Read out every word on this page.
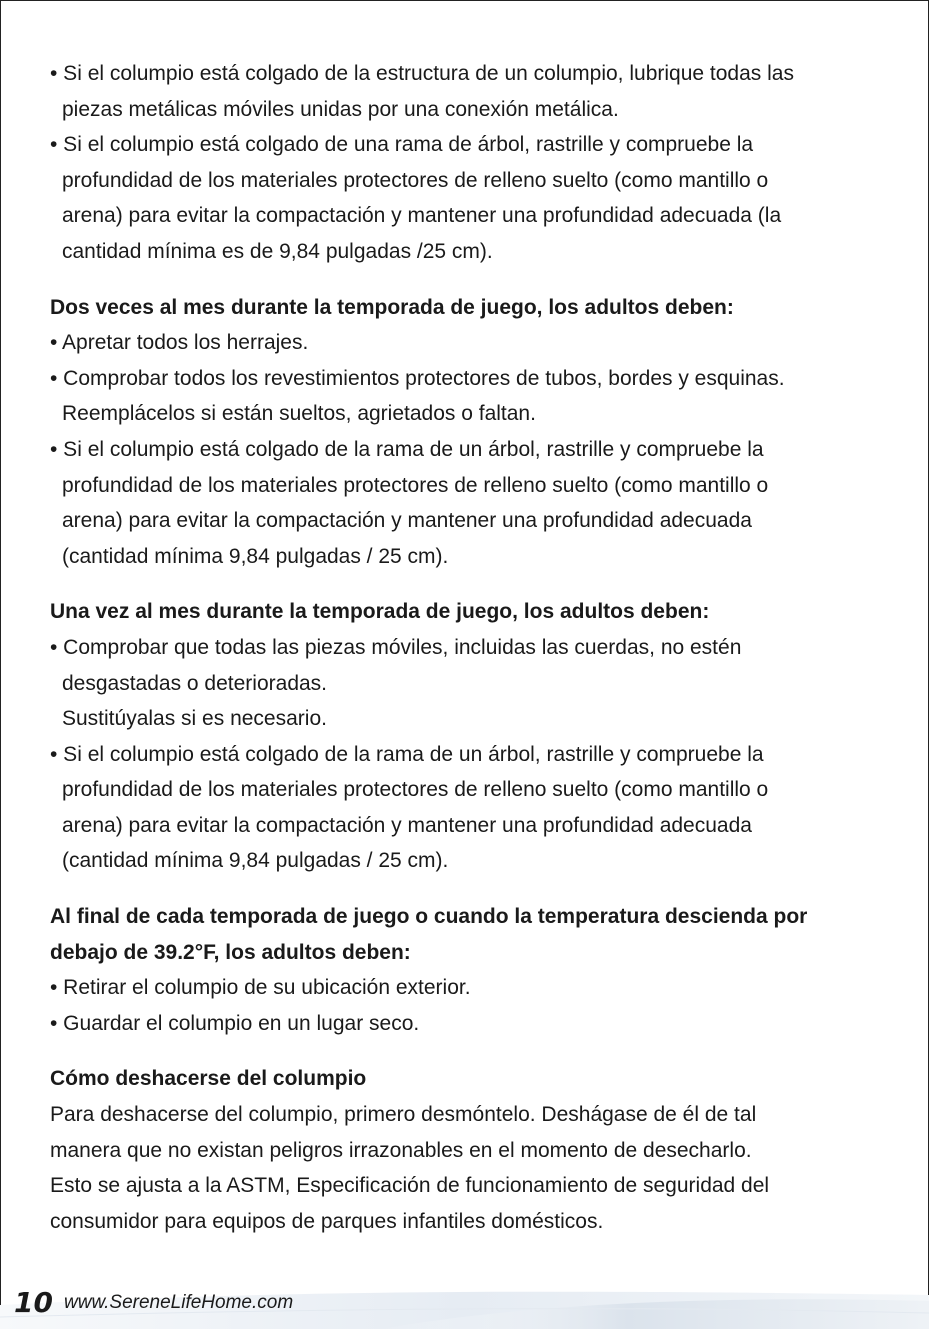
• Si el columpio está colgado de la estructura de un columpio, lubrique todas las
piezas metálicas móviles unidas por una conexión metálica.
• Si el columpio está colgado de una rama de árbol, rastrille y compruebe la
profundidad de los materiales protectores de relleno suelto (como mantillo o
arena) para evitar la compactación y mantener una profundidad adecuada (la
cantidad mínima es de 9,84 pulgadas /25 cm).
Dos veces al mes durante la temporada de juego, los adultos deben:
• Apretar todos los herrajes.
• Comprobar todos los revestimientos protectores de tubos, bordes y esquinas.
Reemplácelos si están sueltos, agrietados o faltan.
• Si el columpio está colgado de la rama de un árbol, rastrille y compruebe la
profundidad de los materiales protectores de relleno suelto (como mantillo o
arena) para evitar la compactación y mantener una profundidad adecuada
(cantidad mínima 9,84 pulgadas / 25 cm).
Una vez al mes durante la temporada de juego, los adultos deben:
• Comprobar que todas las piezas móviles, incluidas las cuerdas, no estén
desgastadas o deterioradas.
Sustitúyalas si es necesario.
• Si el columpio está colgado de la rama de un árbol, rastrille y compruebe la
profundidad de los materiales protectores de relleno suelto (como mantillo o
arena) para evitar la compactación y mantener una profundidad adecuada
(cantidad mínima 9,84 pulgadas / 25 cm).
Al final de cada temporada de juego o cuando la temperatura descienda por
debajo de 39.2°F, los adultos deben:
• Retirar el columpio de su ubicación exterior.
• Guardar el columpio en un lugar seco.
Cómo deshacerse del columpio
Para deshacerse del columpio, primero desmóntelo. Deshágase de él de tal
manera que no existan peligros irrazonables en el momento de desecharlo.
Esto se ajusta a la ASTM, Especificación de funcionamiento de seguridad del
consumidor para equipos de parques infantiles domésticos.
10 www.SereneLifeHome.com
